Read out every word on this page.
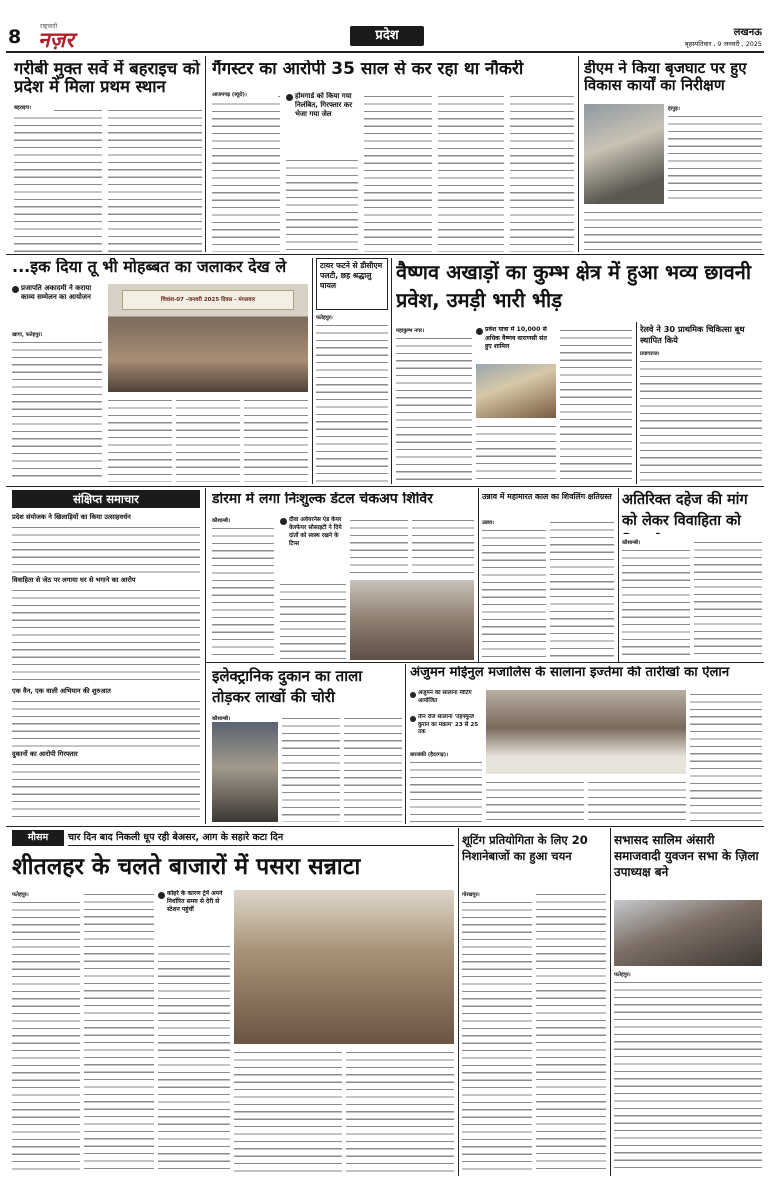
8	राष्ट्रवादी
नज़र	प्रदेश	लखनऊ
बृहस्पतिवार , 9 जनवरी , 2025
गरीबी मुक्त सर्वे में बहराइच को प्रदेश में मिला प्रथम स्थान
बहराइच।
गैंगस्टर का आरोपी 35 साल से कर रहा था नौकरी
आजमगढ़ (ब्यूरो)।	होमगार्ड को किया गया निलंबित, गिरफ्तार कर भेजा गया जेल
डीएम ने किया बृजघाट पर हुए विकास कार्यों का निरीक्षण
हापुड़।
...इक दिया तू भी मोहब्बत का जलाकर देख ले
प्रजापति अकादमी ने कराया काव्य सम्मेलन का आयोजन
खागा, फतेहपुर।
चित्रांश-07 -जनवरी 2025 दिवस - मंगलवार
टायर फटने से डीसीएम पलटी, छह श्रद्धालु घायल
फतेहपुर।
वैष्णव अखाड़ों का कुम्भ क्षेत्र में हुआ भव्य छावनी प्रवेश, उमड़ी भारी भीड़
महाकुम्भ नगर।	प्रवेश यात्रा में 10,000 से अधिक वैष्णव वाराणसी संत हुए शामिल
रेलवे ने 30 प्राथमिक चिकित्सा बूथ स्थापित किये
प्रयागराज।
संक्षिप्त समाचार
प्रदेश संयोजक ने खिलाड़ियों का किया उत्साहवर्धन
विवाहिता से जेठ पर लगाया घर से भगाने का आरोप
एक वैन, एक वाली अभियान की शुरुआत
दुकानों का आरोपी गिरफ्तार
डोरमा में लगा निःशुल्क डेंटल चेकअप शिविर
कौशाम्बी।	दीवा अवेयरनेस एंड केयर वेलफेयर सोसाइटी ने दिये दांतों को स्वस्थ रखने के टिप्स
उन्नाव में महामारत काल का शिवलिंग क्षतिग्रस्त
उन्नाव।
अतिरिक्त दहेज की मांग को लेकर विवाहिता को
कौशाम्बी।
इलेक्ट्रानिक दुकान का ताला तोड़कर लाखों की चोरी
कौशाम्बी।
अंजुमन मोईनुल मजालिस के सालाना इज्तेमा की तारीखों का ऐलान
अंजुमन की सालाना मीटिंग आयोजित
तीन रोज सालाना 'तहफ्फुजे कुरान का मक़ाम' 23 से 25 तक
बाराबंकी (हैदरगढ़)।
मौसम	चार दिन बाद निकली धूप रही बेअसर, आग के सहारे कटा दिन
शीतलहर के चलते बाजारों में पसरा सन्नाटा
फतेहपुर।	कोहरे के कारण ट्रेनें अपने निर्धारित समय से देरी से स्टेशन पहुंचीं
शूटिंग प्रतियोगिता के लिए 20 निशानेबाजों का हुआ चयन
गोरखपुर।
सभासद सालिम अंसारी समाजवादी युवजन सभा के ज़िला उपाध्यक्ष बने
फतेहपुर।
